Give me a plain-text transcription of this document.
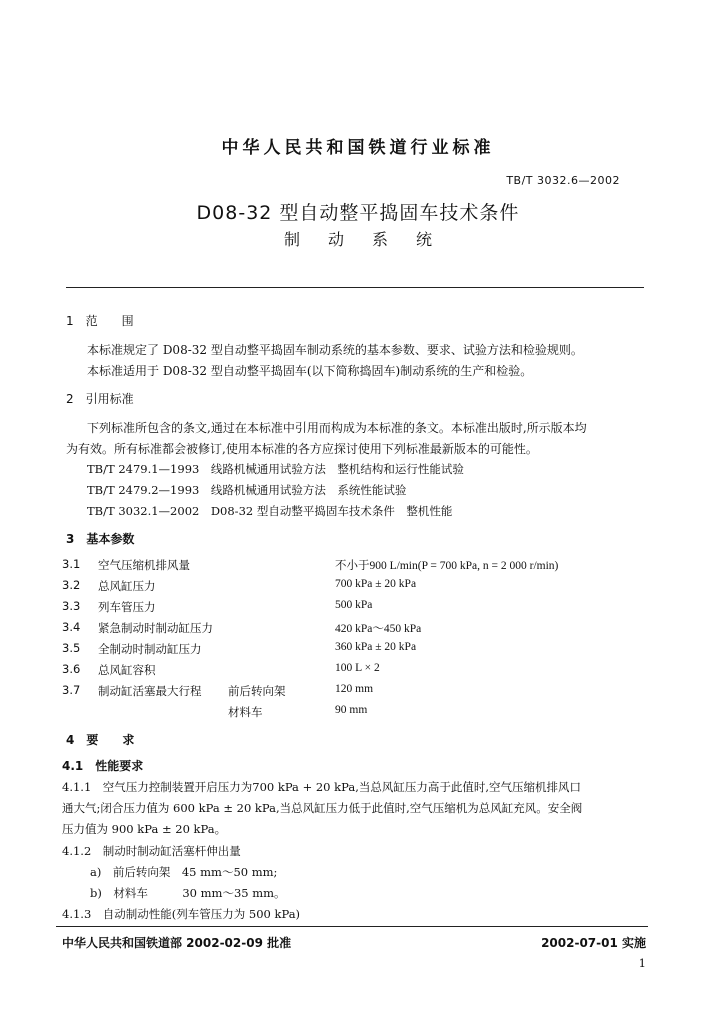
中华人民共和国铁道行业标准
TB/T 3032.6—2002
D08-32 型自动整平捣固车技术条件
制动系统
1　范　　围
本标准规定了 D08-32 型自动整平捣固车制动系统的基本参数、要求、试验方法和检验规则。
本标准适用于 D08-32 型自动整平捣固车(以下简称捣固车)制动系统的生产和检验。
2　引用标准
下列标准所包含的条文,通过在本标准中引用而构成为本标准的条文。本标准出版时,所示版本均
为有效。所有标准都会被修订,使用本标准的各方应探讨使用下列标准最新版本的可能性。
TB/T 2479.1—1993　线路机械通用试验方法　整机结构和运行性能试验
TB/T 2479.2—1993　线路机械通用试验方法　系统性能试验
TB/T 3032.1—2002　D08-32 型自动整平捣固车技术条件　整机性能
3　基本参数
3.1 空气压缩机排风量	不小于900 L/min(P = 700 kPa, n = 2 000 r/min)
3.2 总风缸压力	700 kPa ± 20 kPa
3.3 列车管压力	500 kPa
3.4 紧急制动时制动缸压力	420 kPa～450 kPa
3.5 全制动时制动缸压力	360 kPa ± 20 kPa
3.6 总风缸容积	100 L × 2
3.7 制动缸活塞最大行程 前后转向架	120 mm
材料车	90 mm
4　要　　求
4.1　性能要求
4.1.1　空气压力控制装置开启压力为700 kPa + 20 kPa,当总风缸压力高于此值时,空气压缩机排风口
通大气;闭合压力值为 600 kPa ± 20 kPa,当总风缸压力低于此值时,空气压缩机为总风缸充风。安全阀
压力值为 900 kPa ± 20 kPa。
4.1.2　制动时制动缸活塞杆伸出量
a)　前后转向架　45 mm～50 mm;
b)　材料车　　　30 mm～35 mm。
4.1.3　自动制动性能(列车管压力为 500 kPa)
中华人民共和国铁道部 2002-02-09 批准	2002-07-01 实施
1
